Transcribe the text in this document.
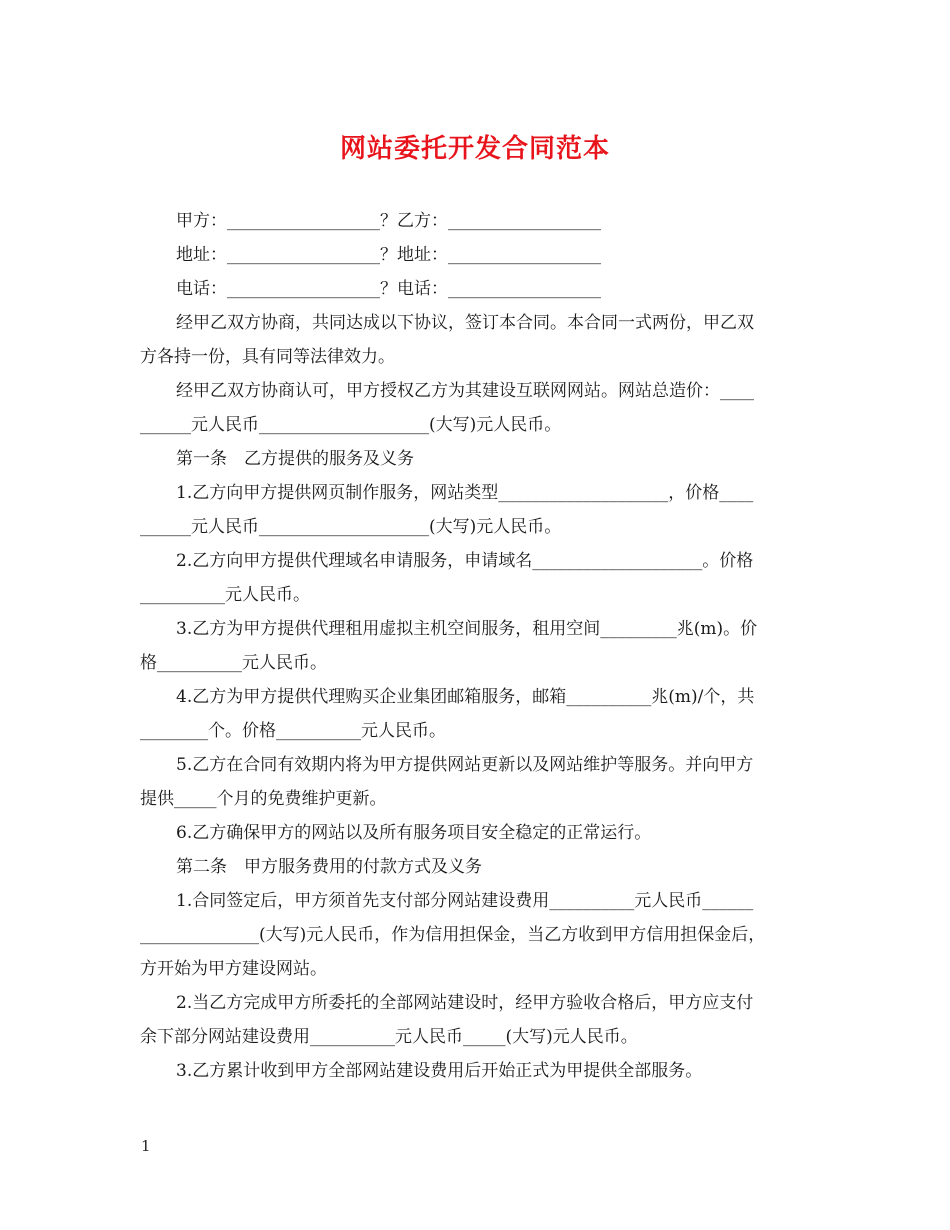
网站委托开发合同范本
甲方：__________________？乙方：__________________
地址：__________________？地址：__________________
电话：__________________？电话：__________________
经甲乙双方协商，共同达成以下协议，签订本合同。本合同一式两份，甲乙双
方各持一份，具有同等法律效力。
经甲乙双方协商认可，甲方授权乙方为其建设互联网网站。网站总造价：____
______元人民币____________________(大写)元人民币。
第一条　乙方提供的服务及义务
1.乙方向甲方提供网页制作服务，网站类型____________________，价格____
______元人民币____________________(大写)元人民币。
2.乙方向甲方提供代理域名申请服务，申请域名____________________。价格
__________元人民币。
3.乙方为甲方提供代理租用虚拟主机空间服务，租用空间_________兆(m)。价
格__________元人民币。
4.乙方为甲方提供代理购买企业集团邮箱服务，邮箱__________兆(m)/个，共
________个。价格__________元人民币。
5.乙方在合同有效期内将为甲方提供网站更新以及网站维护等服务。并向甲方
提供_____个月的免费维护更新。
6.乙方确保甲方的网站以及所有服务项目安全稳定的正常运行。
第二条　甲方服务费用的付款方式及义务
1.合同签定后，甲方须首先支付部分网站建设费用__________元人民币______
______________(大写)元人民币，作为信用担保金，当乙方收到甲方信用担保金后，
方开始为甲方建设网站。
2.当乙方完成甲方所委托的全部网站建设时，经甲方验收合格后，甲方应支付
余下部分网站建设费用__________元人民币_____(大写)元人民币。
3.乙方累计收到甲方全部网站建设费用后开始正式为甲提供全部服务。
1
